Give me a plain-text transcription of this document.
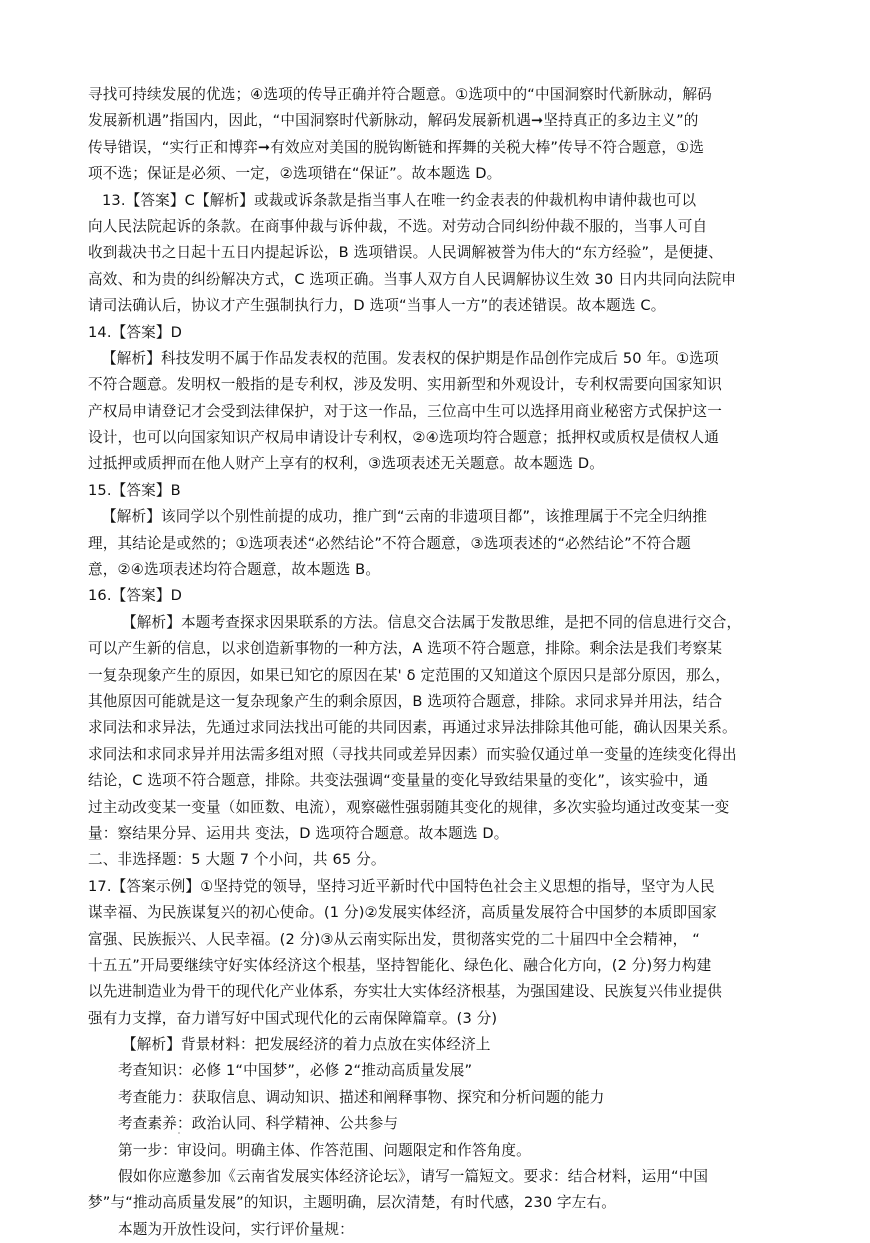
寻找可持续发展的优选；④选项的传导正确并符合题意。①选项中的“中国洞察时代新脉动，解码
发展新机遇”指国内，因此，“中国洞察时代新脉动，解码发展新机遇➞坚持真正的多边主义”的
传导错误，“实行正和博弈➞有效应对美国的脱钩断链和挥舞的关税大棒”传导不符合题意，①选
项不选；保证是必须、一定，②选项错在“保证”。故本题选 D。
13.【答案】C【解析】或裁或诉条款是指当事人在唯一约金表表的仲裁机构申请仲裁也可以
向人民法院起诉的条款。在商事仲裁与诉仲裁，不选。对劳动合同纠纷仲裁不服的，当事人可自
收到裁决书之日起十五日内提起诉讼，B 选项错误。人民调解被誉为伟大的“东方经验”，是便捷、
高效、和为贵的纠纷解决方式，C 选项正确。当事人双方自人民调解协议生效 30 日内共同向法院申
请司法确认后，协议才产生强制执行力，D 选项“当事人一方”的表述错误。故本题选 C。
14.【答案】D
【解析】科技发明不属于作品发表权的范围。发表权的保护期是作品创作完成后 50 年。①选项
不符合题意。发明权一般指的是专利权，涉及发明、实用新型和外观设计，专利权需要向国家知识
产权局申请登记才会受到法律保护，对于这一作品，三位高中生可以选择用商业秘密方式保护这一
设计，也可以向国家知识产权局申请设计专利权，②④选项均符合题意；抵押权或质权是债权人通
过抵押或质押而在他人财产上享有的权利，③选项表述无关题意。故本题选 D。
15.【答案】B
【解析】该同学以个别性前提的成功，推广到“云南的非遗项目都”，该推理属于不完全归纳推
理，其结论是或然的；①选项表述“必然结论”不符合题意，③选项表述的“必然结论”不符合题
意，②④选项表述均符合题意，故本题选 B。
16.【答案】D
【解析】本题考查探求因果联系的方法。信息交合法属于发散思维，是把不同的信息进行交合，
可以产生新的信息，以求创造新事物的一种方法，A 选项不符合题意，排除。剩余法是我们考察某
一复杂现象产生的原因，如果已知它的原因在某' δ 定范围的又知道这个原因只是部分原因，那么，
其他原因可能就是这一复杂现象产生的剩余原因，B 选项符合题意，排除。求同求异并用法，结合
求同法和求异法，先通过求同法找出可能的共同因素，再通过求异法排除其他可能，确认因果关系。
求同法和求同求异并用法需多组对照（寻找共同或差异因素）而实验仅通过单一变量的连续变化得出
结论，C 选项不符合题意，排除。共变法强调“变量量的变化导致结果量的变化”，该实验中，通
过主动改变某一变量（如匝数、电流），观察磁性强弱随其变化的规律，多次实验均通过改变某一变
量：察结果分异、运用共 变法，D 选项符合题意。故本题选 D。
二、非选择题：5 大题 7 个小问，共 65 分。
17.【答案示例】①坚持党的领导，坚持习近平新时代中国特色社会主义思想的指导，坚守为人民
谋幸福、为民族谋复兴的初心使命。(1 分)②发展实体经济，高质量发展符合中国梦的本质即国家
富强、民族振兴、人民幸福。(2 分)③从云南实际出发，贯彻落实党的二十届四中全会精神， “
十五五”开局要继续守好实体经济这个根基，坚持智能化、绿色化、融合化方向，(2 分)努力构建
以先进制造业为骨干的现代化产业体系，夯实壮大实体经济根基，为强国建设、民族复兴伟业提供
强有力支撑，奋力谱写好中国式现代化的云南保障篇章。(3 分)
【解析】背景材料：把发展经济的着力点放在实体经济上
考查知识：必修 1“中国梦”，必修 2“推动高质量发展”
考查能力：获取信息、调动知识、描述和阐释事物、探究和分析问题的能力
考查素养：政治认同、科学精神、公共参与
第一步：审设问。明确主体、作答范围、问题限定和作答角度。
假如你应邀参加《云南省发展实体经济论坛》，请写一篇短文。要求：结合材料，运用“中国
梦”与“推动高质量发展”的知识，主题明确，层次清楚，有时代感，230 字左右。
本题为开放性设问，实行评价量规：
